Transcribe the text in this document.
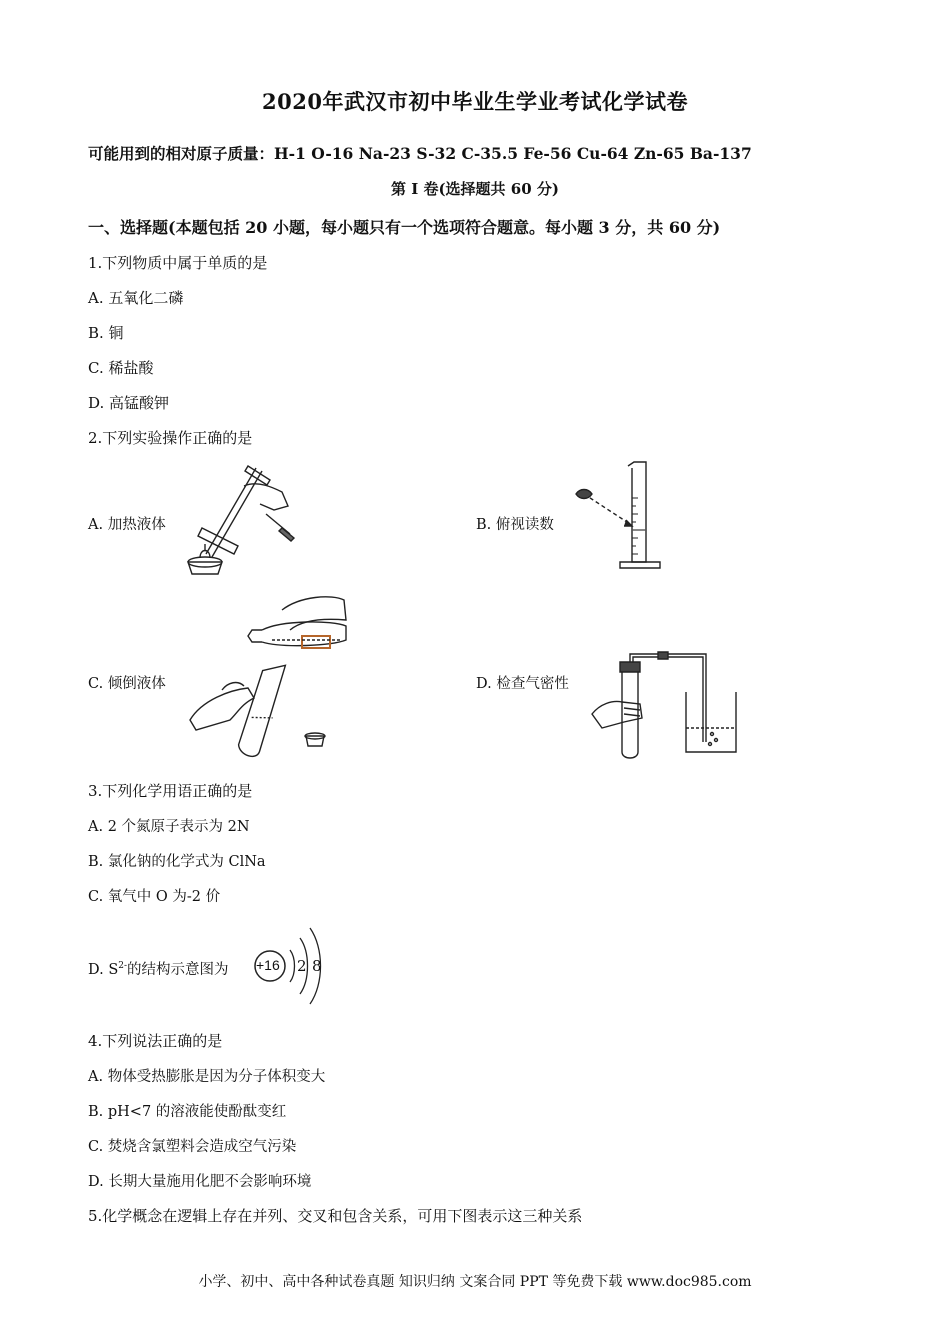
2020年武汉市初中毕业生学业考试化学试卷
可能用到的相对原子质量：H-1 O-16 Na-23 S-32 C-35.5 Fe-56 Cu-64 Zn-65 Ba-137
第 I 卷(选择题共 60 分)
一、选择题(本题包括 20 小题，每小题只有一个选项符合题意。每小题 3 分，共 60 分)
1.下列物质中属于单质的是
A. 五氧化二磷
B. 铜
C. 稀盐酸
D. 高锰酸钾
2.下列实验操作正确的是
A. 加热液体	B. 俯视读数
C. 倾倒液体	D. 检查气密性
3.下列化学用语正确的是
A. 2 个氮原子表示为 2N
B. 氯化钠的化学式为 ClNa
C. 氧气中 O 为-2 价
D. $S^{2-}$的结构示意图为 +16 2 8
4.下列说法正确的是
A. 物体受热膨胀是因为分子体积变大
B. pH<7 的溶液能使酚酞变红
C. 焚烧含氯塑料会造成空气污染
D. 长期大量施用化肥不会影响环境
5.化学概念在逻辑上存在并列、交叉和包含关系，可用下图表示这三种关系
小学、初中、高中各种试卷真题 知识归纳 文案合同 PPT 等免费下载 www.doc985.com
